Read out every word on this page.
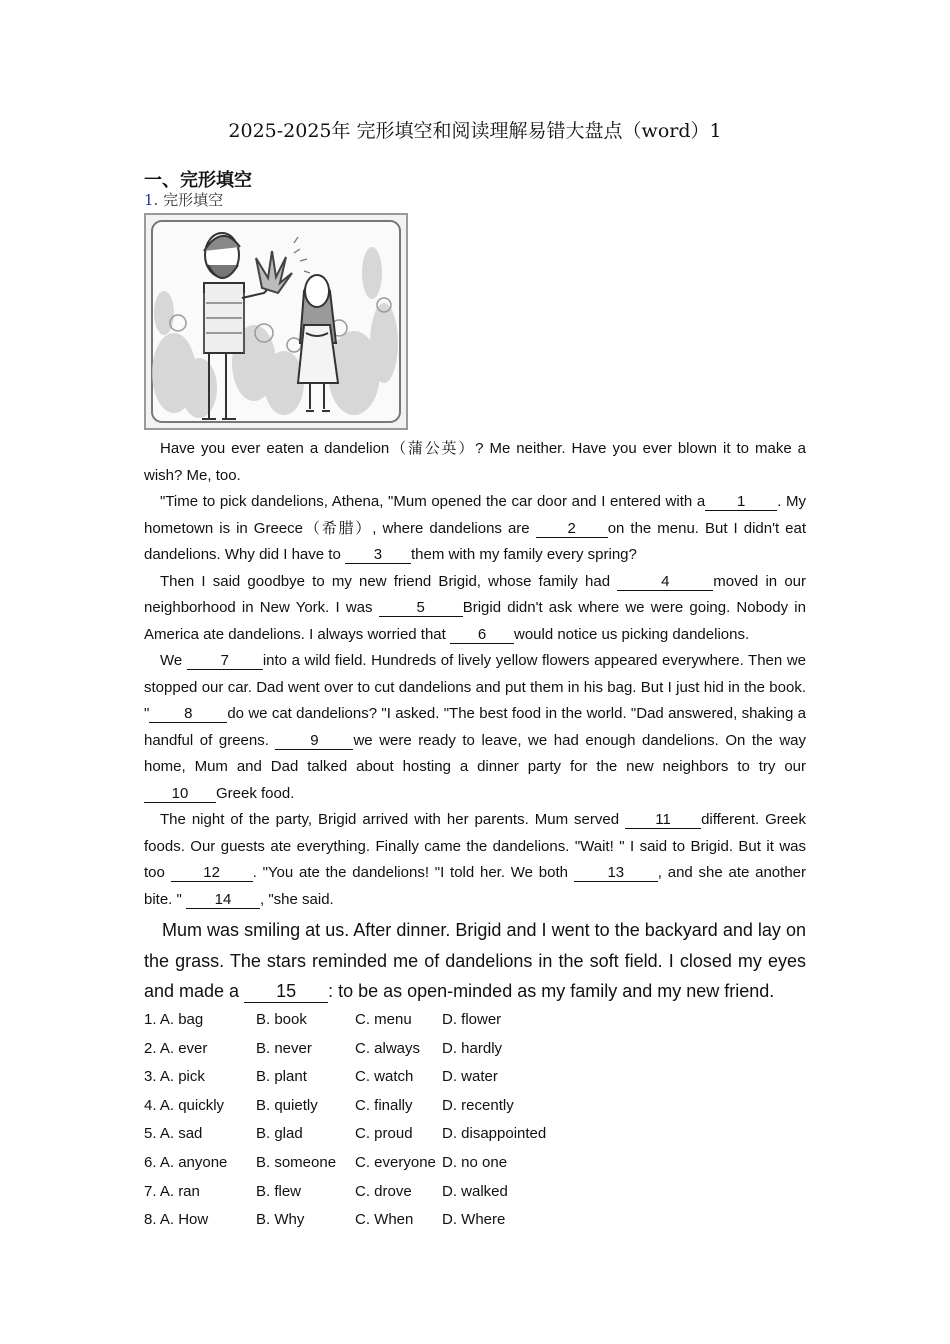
2025-2025年 完形填空和阅读理解易错大盘点（word）1
一、完形填空
1. 完形填空

Have you ever eaten a dandelion（蒲公英）? Me neither. Have you ever blown it to make a wish? Me, too.

"Time to pick dandelions, Athena, "Mum opened the car door and I entered with a 1 . My hometown is in Greece（希腊）, where dandelions are 2 on the menu. But I didn't eat dandelions. Why did I have to 3 them with my family every spring?

Then I said goodbye to my new friend Brigid, whose family had	4	moved in our neighborhood in New York. I was	5	Brigid didn't ask where we were going. Nobody in America ate dandelions. I always worried that 6 would notice us picking dandelions.

We 7 into a wild field. Hundreds of lively yellow flowers appeared everywhere. Then we stopped our car. Dad went over to cut dandelions and put them in his bag. But I just hid in the book. " 8 do we cat dandelions? "I asked. "The best food in the world. "Dad answered, shaking a handful of greens. 9 we were ready to leave, we had enough dandelions. On the way home, Mum and Dad talked about hosting a dinner party for the new neighbors to try our 10 Greek food.

The night of the party, Brigid arrived with her parents. Mum served 11 different. Greek foods. Our guests ate everything. Finally came the dandelions. "Wait! " I said to Brigid. But it was too 12 . "You ate the dandelions! "I told her. We both 13 , and she ate another bite. " 14 , "she said.

Mum was smiling at us. After dinner. Brigid and I went to the backyard and lay on the grass. The stars reminded me of dandelions in the soft field. I closed my eyes and made a 15 : to be as open-minded as my family and my new friend.

1. A. bag	B. book	C. menu D. flower
2. A. ever	B. never	C. always D. hardly
3. A. pick	B. plant	C. watch D. water
4. A. quickly B. quietly C. finally D. recently
5. A. sad	B. glad	C. proud D. disappointed
6. A. anyone B. someone C. everyone D. no one
7. A. ran	B. flew	C. drove D. walked
8. A. How	B. Why	C. When D. Where
